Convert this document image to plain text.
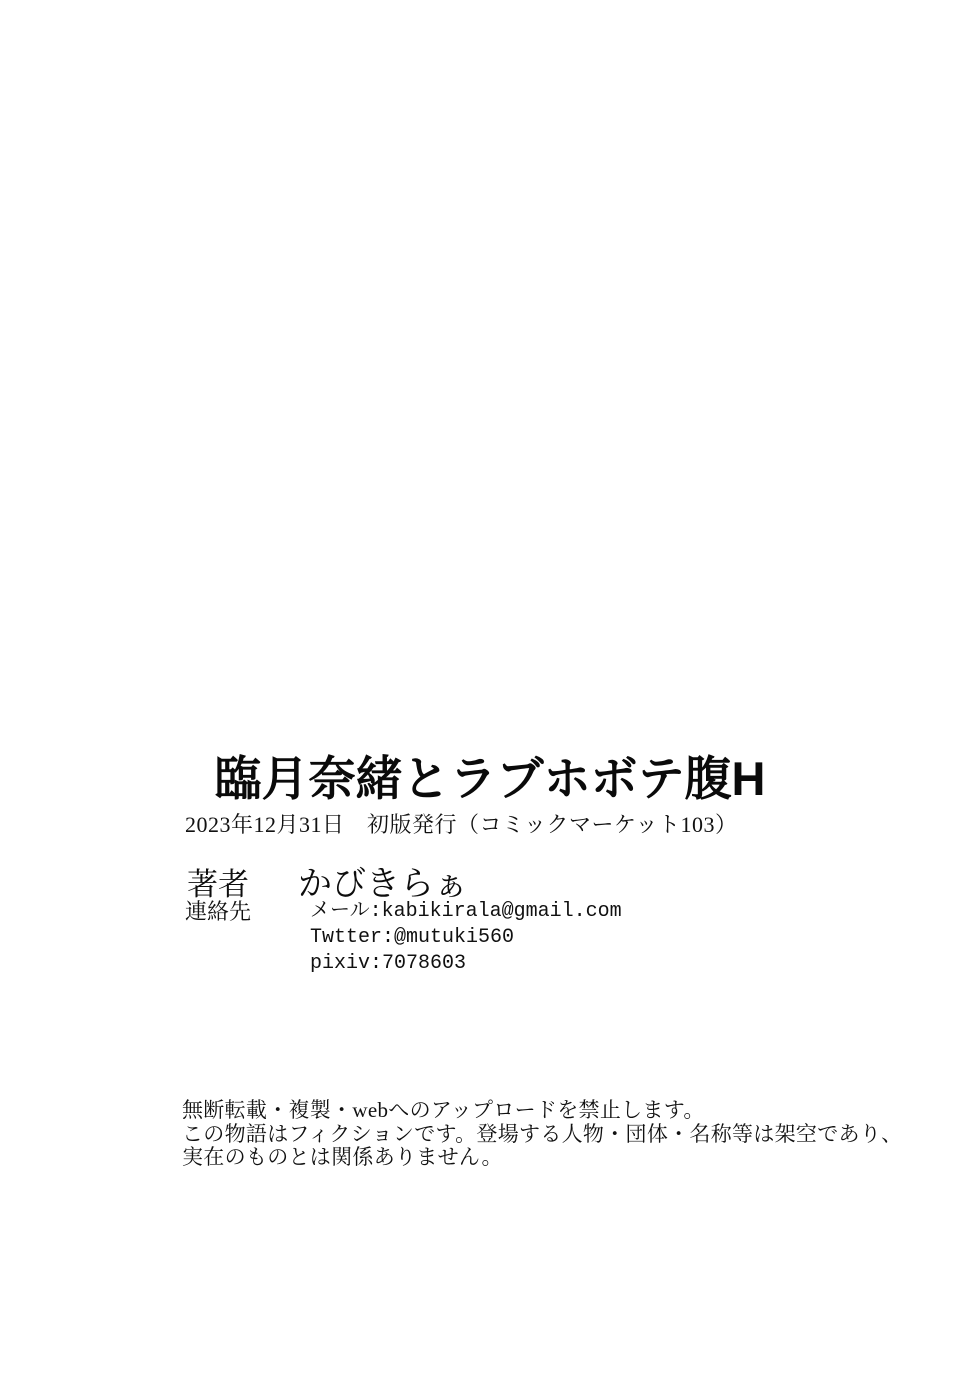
臨月奈緒とラブホボテ腹H
2023年12月31日　初版発行（コミックマーケット103）
著者	かびきらぁ
連絡先	メール:kabikirala@gmail.com
Twtter:@mutuki560
pixiv:7078603
無断転載・複製・webへのアップロードを禁止します。
この物語はフィクションです。登場する人物・団体・名称等は架空であり、
実在のものとは関係ありません。
